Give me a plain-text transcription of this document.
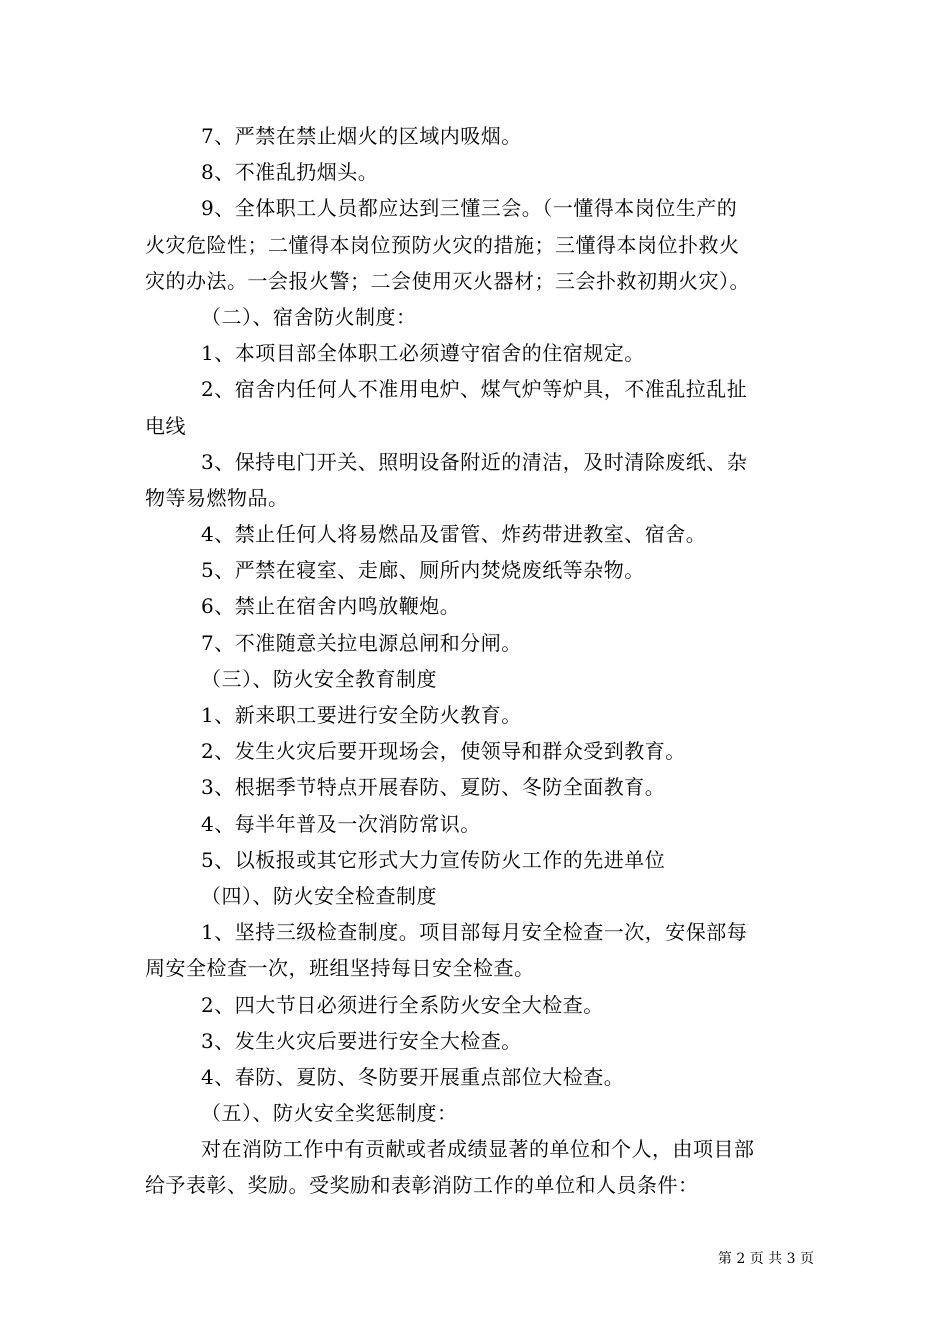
7、严禁在禁止烟火的区域内吸烟。
8、不准乱扔烟头。
9、全体职工人员都应达到三懂三会。（一懂得本岗位生产的
火灾危险性；二懂得本岗位预防火灾的措施；三懂得本岗位扑救火
灾的办法。一会报火警；二会使用灭火器材；三会扑救初期火灾）。
（二）、宿舍防火制度：
1、本项目部全体职工必须遵守宿舍的住宿规定。
2、宿舍内任何人不准用电炉、煤气炉等炉具，不准乱拉乱扯
电线
3、保持电门开关、照明设备附近的清洁，及时清除废纸、杂
物等易燃物品。
4、禁止任何人将易燃品及雷管、炸药带进教室、宿舍。
5、严禁在寝室、走廊、厕所内焚烧废纸等杂物。
6、禁止在宿舍内鸣放鞭炮。
7、不准随意关拉电源总闸和分闸。
（三）、防火安全教育制度
1、新来职工要进行安全防火教育。
2、发生火灾后要开现场会，使领导和群众受到教育。
3、根据季节特点开展春防、夏防、冬防全面教育。
4、每半年普及一次消防常识。
5、以板报或其它形式大力宣传防火工作的先进单位
（四）、防火安全检查制度
1、坚持三级检查制度。项目部每月安全检查一次，安保部每
周安全检查一次，班组坚持每日安全检查。
2、四大节日必须进行全系防火安全大检查。
3、发生火灾后要进行安全大检查。
4、春防、夏防、冬防要开展重点部位大检查。
（五）、防火安全奖惩制度：
对在消防工作中有贡献或者成绩显著的单位和个人，由项目部
给予表彰、奖励。受奖励和表彰消防工作的单位和人员条件：
第 2 页 共 3 页
